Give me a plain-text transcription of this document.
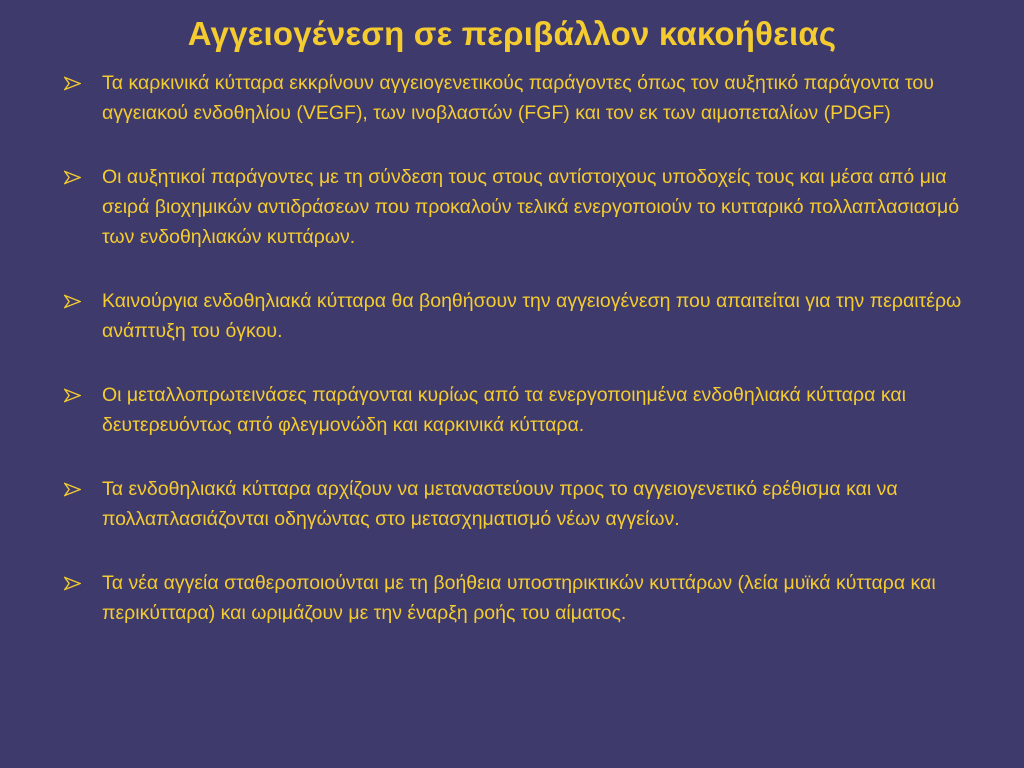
Αγγειογένεση σε περιβάλλον κακοήθειας
Τα καρκινικά κύτταρα εκκρίνουν αγγειογενετικούς παράγοντες όπως τον αυξητικό παράγοντα του αγγειακού ενδοθηλίου (VEGF), των ινοβλαστών (FGF) και τον εκ των αιμοπεταλίων (PDGF)
Οι αυξητικοί παράγοντες με τη σύνδεση τους στους αντίστοιχους υποδοχείς τους και μέσα από μια σειρά βιοχημικών αντιδράσεων που προκαλούν τελικά ενεργοποιούν το κυτταρικό πολλαπλασιασμό των ενδοθηλιακών κυττάρων.
Καινούργια ενδοθηλιακά κύτταρα θα βοηθήσουν την αγγειογένεση που απαιτείται για την περαιτέρω ανάπτυξη του όγκου.
Οι μεταλλοπρωτεινάσες παράγονται κυρίως από τα ενεργοποιημένα ενδοθηλιακά κύτταρα και δευτερευόντως από φλεγμονώδη και καρκινικά κύτταρα.
Τα ενδοθηλιακά κύτταρα αρχίζουν να μεταναστεύουν προς το αγγειογενετικό ερέθισμα και να πολλαπλασιάζονται οδηγώντας στο μετασχηματισμό νέων αγγείων.
Τα νέα αγγεία σταθεροποιούνται με τη βοήθεια υποστηρικτικών κυττάρων (λεία μυϊκά κύτταρα και περικύτταρα) και ωριμάζουν με την έναρξη ροής του αίματος.
